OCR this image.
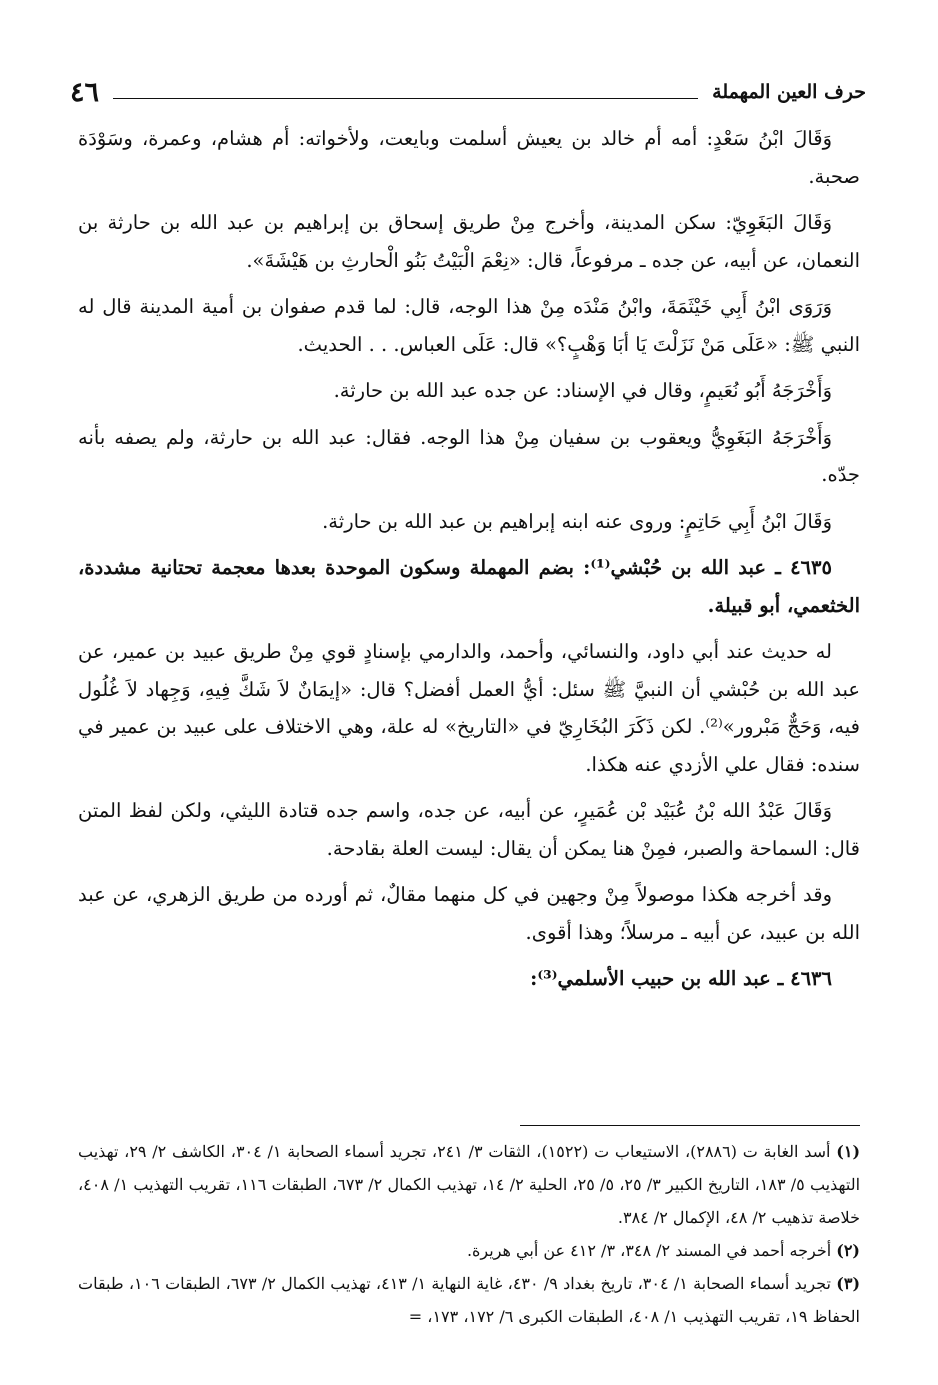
حرف العين المهملة
٤٦

وَقَالَ ابْنُ سَعْدٍ: أمه أم خالد بن يعيش أسلمت وبايعت، ولأخواته: أم هشام، وعمرة، وسَوْدَة صحبة.

وَقَالَ البَغَوِيّ: سكن المدينة، وأخرج مِنْ طريق إسحاق بن إبراهيم بن عبد الله بن حارثة بن النعمان، عن أبيه، عن جده ـ مرفوعاً، قال: «نِعْمَ الْبَيْتُ بَنُو الْحارثِ بن هَيْشَةَ».

وَرَوَى ابْنُ أَبِي خَيْثَمَةَ، وابْنُ مَنْدَه مِنْ هذا الوجه، قال: لما قدم صفوان بن أمية المدينة قال له النبي ﷺ: «عَلَى مَنْ نَزَلْتَ يَا أبَا وَهْبٍ؟» قال: عَلَى العباس. . . الحديث.

وَأَخْرَجَهُ أَبُو نُعَيمٍ، وقال في الإسناد: عن جده عبد الله بن حارثة.

وَأَخْرَجَهُ البَغَوِيُّ ويعقوب بن سفيان مِنْ هذا الوجه. فقال: عبد الله بن حارثة، ولم يصفه بأنه جدّه.

وَقَالَ ابْنُ أَبِي حَاتِمٍ: وروى عنه ابنه إبراهيم بن عبد الله بن حارثة.

٤٦٣٥ ـ عبد الله بن حُبْشي⁽¹⁾: بضم المهملة وسكون الموحدة بعدها معجمة تحتانية مشددة، الخثعمي، أبو قبيلة.

له حديث عند أبي داود، والنسائي، وأحمد، والدارمي بإسنادٍ قوي مِنْ طريق عبيد بن عمير، عن عبد الله بن حُبْشي أن النبيَّ ﷺ سئل: أيُّ العمل أفضل؟ قال: «إيمَانٌ لاَ شَكَّ فِيهِ، وَجِهاد لاَ غُلُول فيه، وَحَجٌّ مَبْرور»⁽²⁾. لكن ذَكَرَ البُخَارِيّ في «التاريخ» له علة، وهي الاختلاف على عبيد بن عمير في سنده: فقال علي الأزدي عنه هكذا.

وَقَالَ عَبْدُ الله بْنُ عُبَيْد بْن عُمَيرٍ، عن أبيه، عن جده، واسم جده قتادة الليثي، ولكن لفظ المتن قال: السماحة والصبر، فمِنْ هنا يمكن أن يقال: ليست العلة بقادحة.

وقد أخرجه هكذا موصولاً مِنْ وجهين في كل منهما مقالٌ، ثم أورده من طريق الزهري، عن عبد الله بن عبيد، عن أبيه ـ مرسلاً؛ وهذا أقوى.

٤٦٣٦ ـ عبد الله بن حبيب الأسلمي⁽³⁾:

(١) أسد الغابة ت (٢٨٨٦)، الاستيعاب ت (١٥٢٢)، الثقات ٣/ ٢٤١، تجريد أسماء الصحابة ١/ ٣٠٤، الكاشف ٢/ ٢٩، تهذيب التهذيب ٥/ ١٨٣، التاريخ الكبير ٣/ ٢٥، ٥/ ٢٥، الحلية ٢/ ١٤، تهذيب الكمال ٢/ ٦٧٣، الطبقات ١١٦، تقريب التهذيب ١/ ٤٠٨، خلاصة تذهيب ٢/ ٤٨، الإكمال ٢/ ٣٨٤.

(٢) أخرجه أحمد في المسند ٢/ ٣٤٨، ٣/ ٤١٢ عن أبي هريرة.

(٣) تجريد أسماء الصحابة ١/ ٣٠٤، تاريخ بغداد ٩/ ٤٣٠، غاية النهاية ١/ ٤١٣، تهذيب الكمال ٢/ ٦٧٣، الطبقات ١٠٦، طبقات الحفاظ ١٩، تقريب التهذيب ١/ ٤٠٨، الطبقات الكبرى ٦/ ١٧٢، ١٧٣، =
